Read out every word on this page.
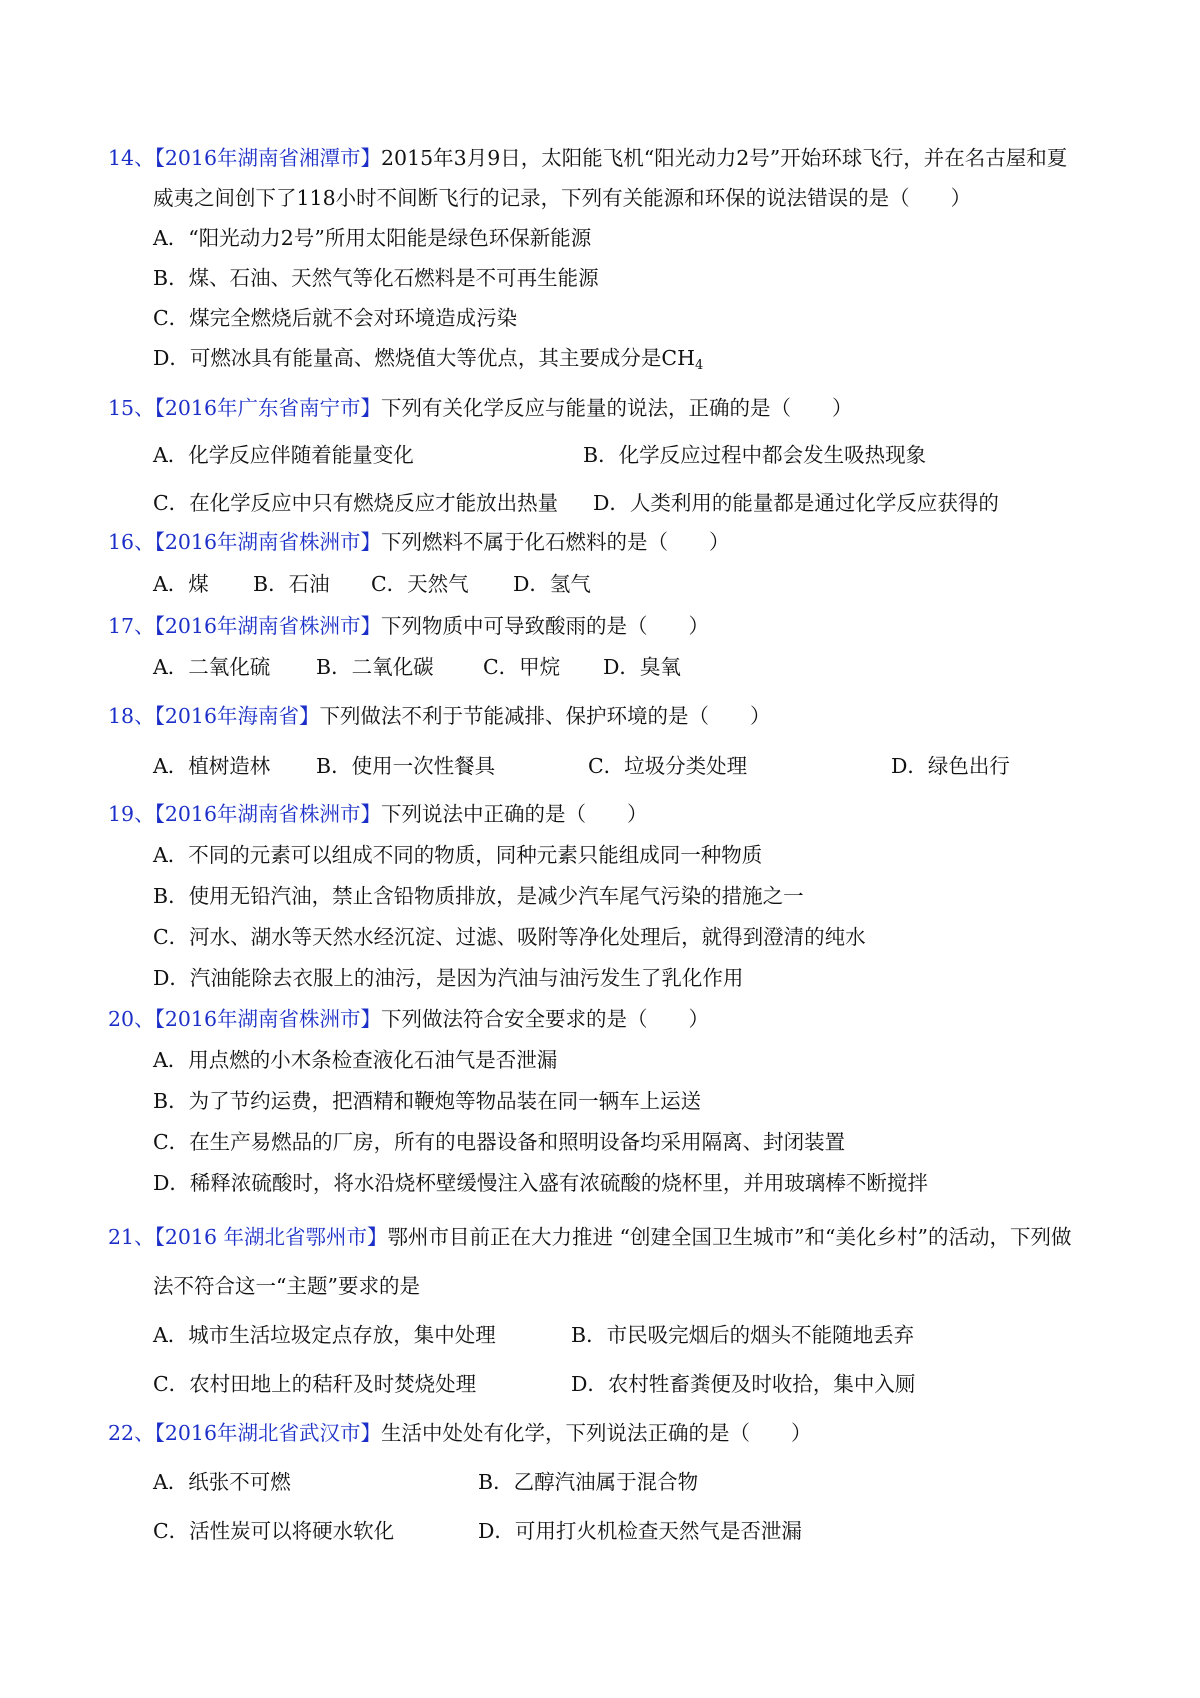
14、【2016年湖南省湘潭市】2015年3月9日，太阳能飞机“阳光动力2号”开始环球飞行，并在名古屋和夏
威夷之间创下了118小时不间断飞行的记录，下列有关能源和环保的说法错误的是（　　）
A．“阳光动力2号”所用太阳能是绿色环保新能源
B．煤、石油、天然气等化石燃料是不可再生能源
C．煤完全燃烧后就不会对环境造成污染
D．可燃冰具有能量高、燃烧值大等优点，其主要成分是$CH_4$
15、【2016年广东省南宁市】下列有关化学反应与能量的说法，正确的是（　　）
A．化学反应伴随着能量变化	B．化学反应过程中都会发生吸热现象
C．在化学反应中只有燃烧反应才能放出热量 D．人类利用的能量都是通过化学反应获得的
16、【2016年湖南省株洲市】下列燃料不属于化石燃料的是（　　）
A．煤 B．石油 C．天然气 D．氢气
17、【2016年湖南省株洲市】下列物质中可导致酸雨的是（　　）
A．二氧化硫 B．二氧化碳 C．甲烷 D．臭氧
18、【2016年海南省】下列做法不利于节能减排、保护环境的是（　　）
A．植树造林 B．使用一次性餐具	C．垃圾分类处理	D．绿色出行
19、【2016年湖南省株洲市】下列说法中正确的是（　　）
A．不同的元素可以组成不同的物质，同种元素只能组成同一种物质
B．使用无铅汽油，禁止含铅物质排放，是减少汽车尾气污染的措施之一
C．河水、湖水等天然水经沉淀、过滤、吸附等净化处理后，就得到澄清的纯水
D．汽油能除去衣服上的油污，是因为汽油与油污发生了乳化作用
20、【2016年湖南省株洲市】下列做法符合安全要求的是（　　）
A．用点燃的小木条检查液化石油气是否泄漏
B．为了节约运费，把酒精和鞭炮等物品装在同一辆车上运送
C．在生产易燃品的厂房，所有的电器设备和照明设备均采用隔离、封闭装置
D．稀释浓硫酸时，将水沿烧杯壁缓慢注入盛有浓硫酸的烧杯里，并用玻璃棒不断搅拌
21、【2016 年湖北省鄂州市】鄂州市目前正在大力推进 “创建全国卫生城市”和“美化乡村”的活动，下列做
法不符合这一“主题”要求的是
A．城市生活垃圾定点存放，集中处理	B．市民吸完烟后的烟头不能随地丢弃
C．农村田地上的秸秆及时焚烧处理	D．农村牲畜粪便及时收拾，集中入厕
22、【2016年湖北省武汉市】生活中处处有化学，下列说法正确的是（　　）
A．纸张不可燃	B．乙醇汽油属于混合物
C．活性炭可以将硬水软化	D．可用打火机检查天然气是否泄漏
